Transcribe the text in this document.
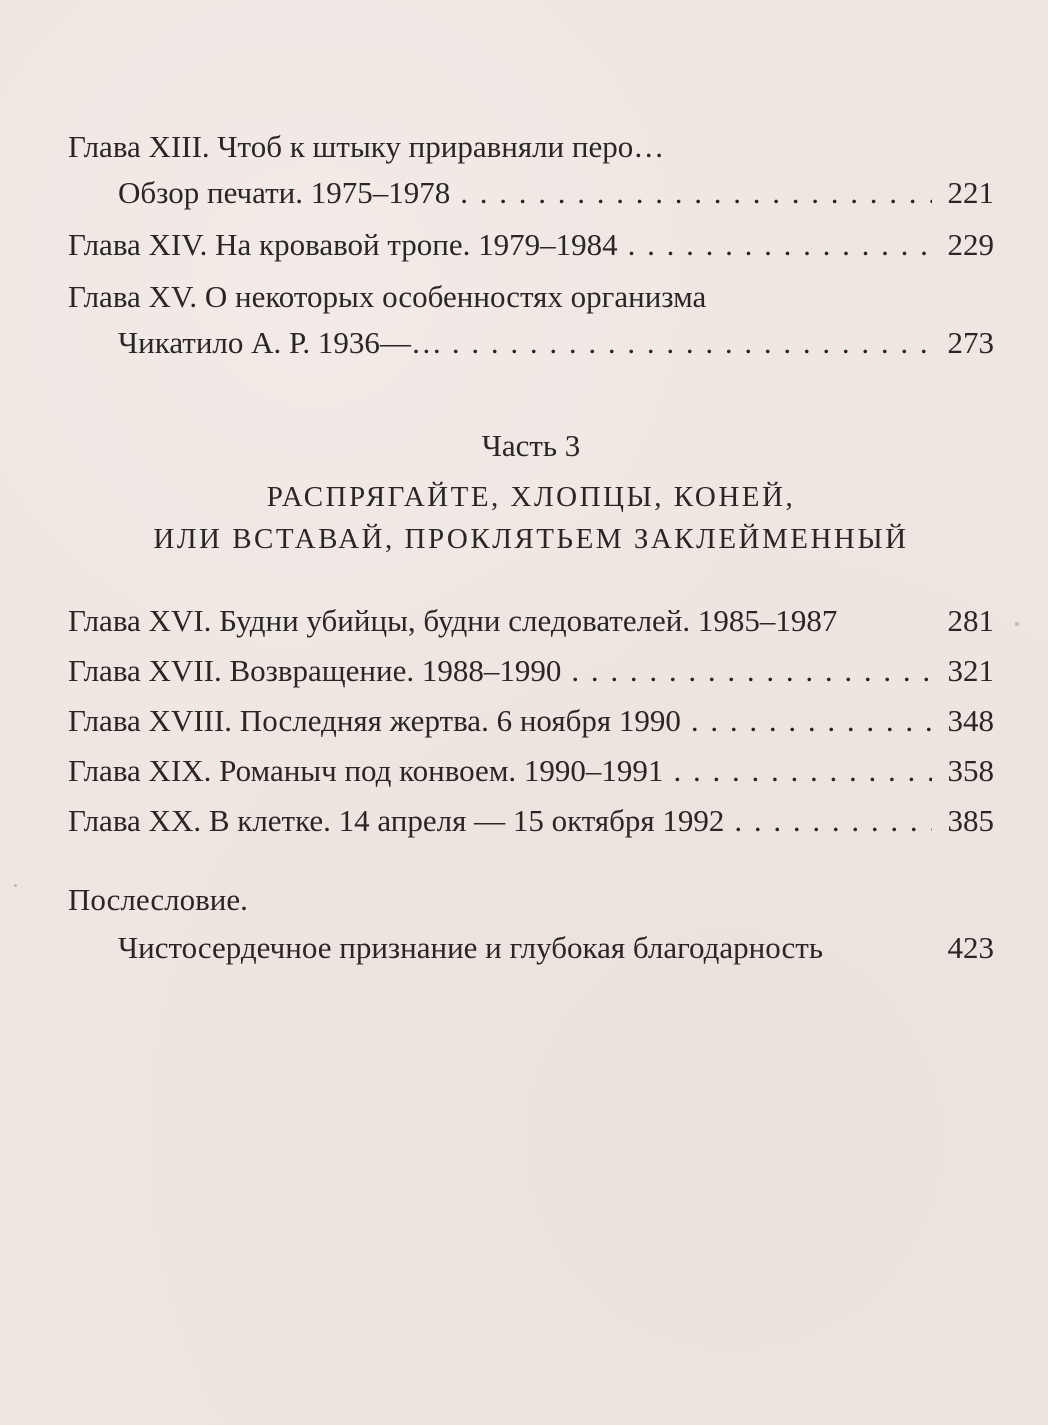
Глава XIII. Чтоб к штыку приравняли перо…
Обзор печати. 1975–1978 . . .	221
Глава XIV. На кровавой тропе. 1979–1984 . . .	229
Глава XV. О некоторых особенностях организма
Чикатило А. Р. 1936—… . . .	273
Часть 3
РАСПРЯГАЙТЕ, ХЛОПЦЫ, КОНЕЙ,
ИЛИ ВСТАВАЙ, ПРОКЛЯТЬЕМ ЗАКЛЕЙМЕННЫЙ
Глава XVI. Будни убийцы, будни следователей. 1985–1987	281
Глава XVII. Возвращение. 1988–1990 . . .	321
Глава XVIII. Последняя жертва. 6 ноября 1990 . . .	348
Глава XIX. Романыч под конвоем. 1990–1991 . . .	358
Глава XX. В клетке. 14 апреля — 15 октября 1992 . . .	385
Послесловие.
Чистосердечное признание и глубокая благодарность	423
